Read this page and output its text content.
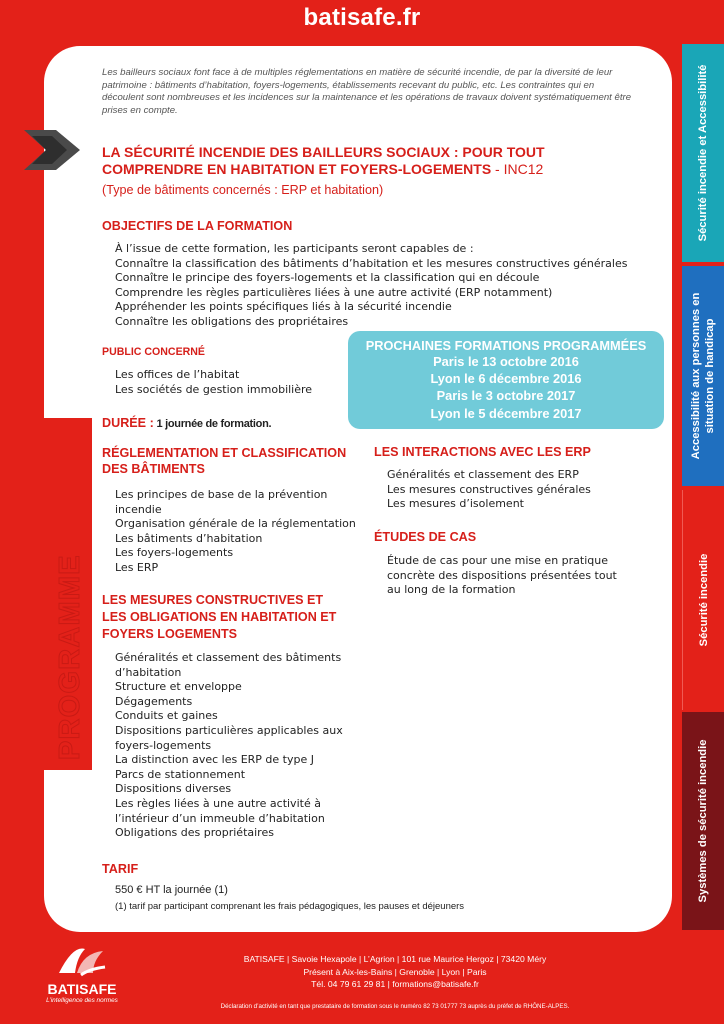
batisafe.fr
Sécurité incendie et Accessibilité
Accessibilité aux personnes en situation de handicap
Sécurité incendie
Systèmes de sécurité incendie
Les bailleurs sociaux font face à de multiples réglementations en matière de sécurité incendie, de par la diversité de leur patrimoine : bâtiments d’habitation, foyers-logements, établissements recevant du public, etc. Les contraintes qui en découlent sont nombreuses et les incidences sur la maintenance et les opérations de travaux doivent systématiquement être prises en compte.
LA SÉCURITÉ INCENDIE DES BAILLEURS SOCIAUX : POUR TOUT
COMPRENDRE EN HABITATION ET FOYERS-LOGEMENTS - INC12
(Type de bâtiments concernés : ERP et habitation)
OBJECTIFS DE LA FORMATION
À l’issue de cette formation, les participants seront capables de :
Connaître la classification des bâtiments d’habitation et les mesures constructives générales
Connaître le principe des foyers-logements et la classification qui en découle
Comprendre les règles particulières liées à une autre activité (ERP notamment)
Appréhender les points spécifiques liés à la sécurité incendie
Connaître les obligations des propriétaires
PUBLIC CONCERNÉ
Les offices de l’habitat
Les sociétés de gestion immobilière
DURÉE : 1 journée de formation.
PROCHAINES FORMATIONS PROGRAMMÉES
Paris le 13 octobre 2016
Lyon le 6 décembre 2016
Paris le 3 octobre 2017
Lyon le 5 décembre 2017
PROGRAMME
RÉGLEMENTATION ET CLASSIFICATION
DES BÂTIMENTS
Les principes de base de la prévention
incendie
Organisation générale de la réglementation
Les bâtiments d’habitation
Les foyers-logements
Les ERP
LES MESURES CONSTRUCTIVES ET
LES OBLIGATIONS EN HABITATION ET
FOYERS LOGEMENTS
Généralités et classement des bâtiments
d’habitation
Structure et enveloppe
Dégagements
Conduits et gaines
Dispositions particulières applicables aux
foyers-logements
La distinction avec les ERP de type J
Parcs de stationnement
Dispositions diverses
Les règles liées à une autre activité à
l’intérieur d’un immeuble d’habitation
Obligations des propriétaires
LES INTERACTIONS AVEC LES ERP
Généralités et classement des ERP
Les mesures constructives générales
Les mesures d’isolement
ÉTUDES DE CAS
Étude de cas pour une mise en pratique
concrète des dispositions présentées tout
au long de la formation
TARIF
550 € HT la journée (1)
(1) tarif par participant comprenant les frais pédagogiques, les pauses et déjeuners
BATISAFE
L’intelligence des normes
BATISAFE | Savoie Hexapole | L’Agrion | 101 rue Maurice Hergoz | 73420 Méry
Présent à Aix-les-Bains | Grenoble | Lyon | Paris
Tél. 04 79 61 29 81 | formations@batisafe.fr
Déclaration d’activité en tant que prestataire de formation sous le numéro 82 73 01777 73 auprès du préfet de RHÔNE-ALPES.
